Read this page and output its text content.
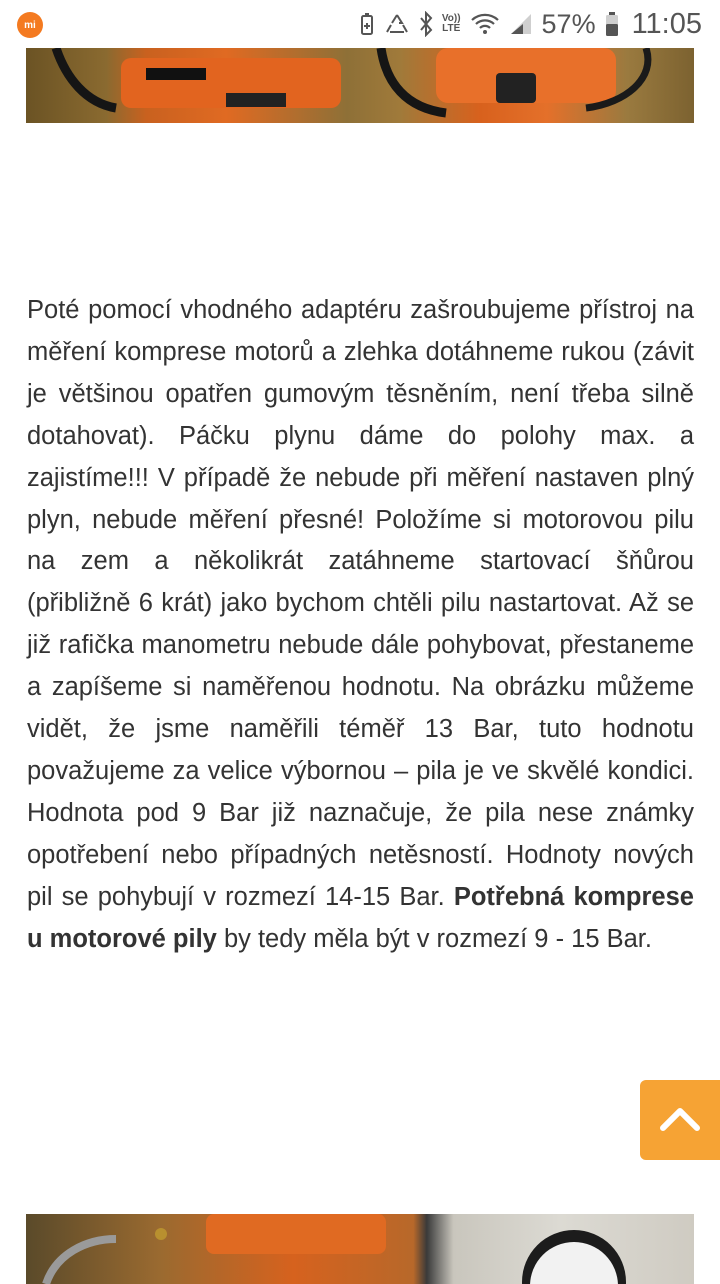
mi
Vo))
LTE	57% 11:05
Poté pomocí vhodného adaptéru zašroubujeme přístroj na měření komprese motorů a zlehka dotáhneme rukou (závit je většinou opatřen gumovým těsněním, není třeba silně dotahovat). Páčku plynu dáme do polohy max. a zajistíme!!! V případě že nebude při měření nastaven plný plyn, nebude měření přesné! Položíme si motorovou pilu na zem a několikrát zatáhneme startovací šňůrou (přibližně 6 krát) jako bychom chtěli pilu nastartovat. Až se již rafička manometru nebude dále pohybovat, přestaneme a zapíšeme si naměřenou hodnotu. Na obrázku můžeme vidět, že jsme naměřili téměř 13 Bar, tuto hodnotu považujeme za velice výbornou – pila je ve skvělé kondici. Hodnota pod 9 Bar již naznačuje, že pila nese známky opotřebení nebo případných netěsností. Hodnoty nových pil se pohybují v rozmezí 14-15 Bar. Potřebná komprese u motorové pily by tedy měla být v rozmezí 9 - 15 Bar.
